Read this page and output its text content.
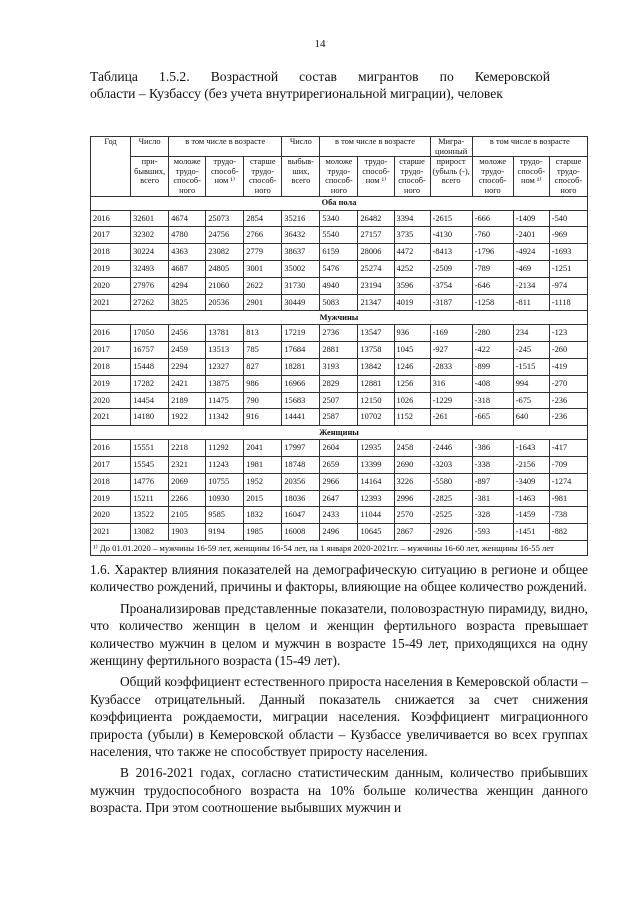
14
Таблица 1.5.2. Возрастной состав мигрантов по Кемеровской
области – Кузбассу (без учета внутрирегиональной миграции), человек
Год	Число	в том числе в возрасте			Число	в том числе в возрасте			Мигра-ционный	в том числе в возрасте		
	при-бывших, всего	моложе трудо-способ-ного	трудо-способ-ном ¹⁾	старше трудо-способ-ного	выбыв-ших, всего	моложе трудо-способ-ного	трудо-способ-ном ¹⁾	старше трудо-способ-ного	прирост (убыль (-), всего	моложе трудо-способ-ного	трудо-способ-ном ¹⁾	старше трудо-способ-ного
Оба пола												
2016	32601	4674	25073	2854	35216	5340	26482	3394	-2615	-666	-1409	-540
2017	32302	4780	24756	2766	36432	5540	27157	3735	-4130	-760	-2401	-969
2018	30224	4363	23082	2779	38637	6159	28006	4472	-8413	-1796	-4924	-1693
2019	32493	4687	24805	3001	35002	5476	25274	4252	-2509	-789	-469	-1251
2020	27976	4294	21060	2622	31730	4940	23194	3596	-3754	-646	-2134	-974
2021	27262	3825	20536	2901	30449	5083	21347	4019	-3187	-1258	-811	-1118
Мужчины												
2016	17050	2456	13781	813	17219	2736	13547	936	-169	-280	234	-123
2017	16757	2459	13513	785	17684	2881	13758	1045	-927	-422	-245	-260
2018	15448	2294	12327	827	18281	3193	13842	1246	-2833	-899	-1515	-419
2019	17282	2421	13875	986	16966	2829	12881	1256	316	-408	994	-270
2020	14454	2189	11475	790	15683	2507	12150	1026	-1229	-318	-675	-236
2021	14180	1922	11342	916	14441	2587	10702	1152	-261	-665	640	-236
Женщины												
2016	15551	2218	11292	2041	17997	2604	12935	2458	-2446	-386	-1643	-417
2017	15545	2321	11243	1981	18748	2659	13399	2690	-3203	-338	-2156	-709
2018	14776	2069	10755	1952	20356	2966	14164	3226	-5580	-897	-3409	-1274
2019	15211	2266	10930	2015	18036	2647	12393	2996	-2825	-381	-1463	-981
2020	13522	2105	9585	1832	16047	2433	11044	2570	-2525	-328	-1459	-738
2021	13082	1903	9194	1985	16008	2496	10645	2867	-2926	-593	-1451	-882
¹⁾ До 01.01.2020 – мужчины 16-59 лет, женщины 16-54 лет, на 1 января 2020-2021гг. – мужчины 16-60 лет, женщины 16-55 лет												

1.6. Характер влияния показателей на демографическую ситуацию в регионе и общее количество рождений, причины и факторы, влияющие на общее количество рождений.

Проанализировав представленные показатели, половозрастную пирамиду, видно, что количество женщин в целом и женщин фертильного возраста превышает количество мужчин в целом и мужчин в возрасте 15-49 лет, приходящихся на одну женщину фертильного возраста (15-49 лет).

Общий коэффициент естественного прироста населения в Кемеровской области – Кузбассе отрицательный. Данный показатель снижается за счет снижения коэффициента рождаемости, миграции населения. Коэффициент миграционного прироста (убыли) в Кемеровской области – Кузбассе увеличивается во всех группах населения, что также не способствует приросту населения.

В 2016-2021 годах, согласно статистическим данным, количество прибывших мужчин трудоспособного возраста на 10% больше количества женщин данного возраста. При этом соотношение выбывших мужчин и
